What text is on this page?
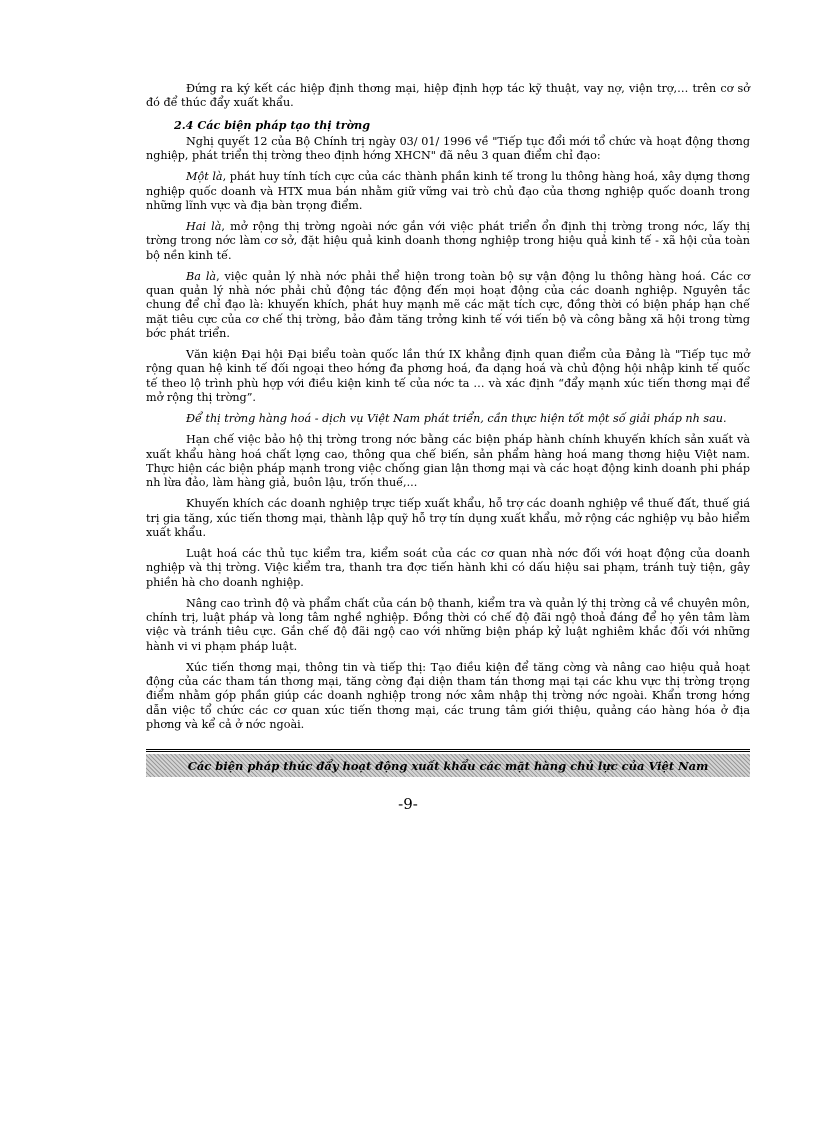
Đứng ra ký kết các hiệp định thơng mại, hiệp định hợp tác kỹ thuật, vay nợ, viện trợ,… trên cơ sở đó để thúc đẩy xuất khẩu.

2.4 Các biện pháp tạo thị trờng

Nghị quyết 12 của Bộ Chính trị ngày 03/ 01/ 1996 về "Tiếp tục đổi mới tổ chức và hoạt động thơng nghiệp, phát triển thị trờng theo định hớng XHCN" đã nêu 3 quan điểm chỉ đạo:

Một là, phát huy tính tích cực của các thành phần kinh tế trong lu thông hàng hoá, xây dựng thơng nghiệp quốc doanh và HTX mua bán nhằm giữ vững vai trò chủ đạo của thơng nghiệp quốc doanh trong những lĩnh vực và địa bàn trọng điểm.

Hai là, mở rộng thị trờng ngoài nớc gắn với việc phát triển ổn định thị trờng trong nớc, lấy thị trờng trong nớc làm cơ sở, đặt hiệu quả kinh doanh thơng nghiệp trong hiệu quả kinh tế - xã hội của toàn bộ nền kinh tế.

Ba là, việc quản lý nhà nớc phải thể hiện trong toàn bộ sự vận động lu thông hàng hoá. Các cơ quan quản lý nhà nớc phải chủ động tác động đến mọi hoạt động của các doanh nghiệp. Nguyên tắc chung để chỉ đạo là: khuyến khích, phát huy mạnh mẽ các mặt tích cực, đồng thời có biện pháp hạn chế mặt tiêu cực của cơ chế thị trờng, bảo đảm tăng trởng kinh tế với tiến bộ và công bằng xã hội trong từng bớc phát triển.

Văn kiện Đại hội Đại biểu toàn quốc lần thứ IX khẳng định quan điểm của Đảng là "Tiếp tục mở rộng quan hệ kinh tế đối ngoại theo hớng đa phơng hoá, đa dạng hoá và chủ động hội nhập kinh tế quốc tế theo lộ trình phù hợp với điều kiện kinh tế của nớc ta … và xác định “đẩy mạnh xúc tiến thơng mại để mở rộng thị trờng”.

Để thị trờng hàng hoá - dịch vụ Việt Nam phát triển, cần thực hiện tốt một số giải pháp nh sau.

Hạn chế việc bảo hộ thị trờng trong nớc bằng các biện pháp hành chính khuyến khích sản xuất và xuất khẩu hàng hoá chất lợng cao, thông qua chế biến, sản phẩm hàng hoá mang thơng hiệu Việt nam. Thực hiện các biện pháp mạnh trong việc chống gian lận thơng mại và các hoạt động kinh doanh phi pháp nh lừa đảo, làm hàng giả, buôn lậu, trốn thuế,...

Khuyến khích các doanh nghiệp trực tiếp xuất khẩu, hỗ trợ các doanh nghiệp về thuế đất, thuế giá trị gia tăng, xúc tiến thơng mại, thành lập quỹ hỗ trợ tín dụng xuất khẩu, mở rộng các nghiệp vụ bảo hiểm xuất khẩu.

Luật hoá các thủ tục kiểm tra, kiểm soát của các cơ quan nhà nớc đối với hoạt động của doanh nghiệp và thị trờng. Việc kiểm tra, thanh tra đợc tiến hành khi có dấu hiệu sai phạm, tránh tuỳ tiện, gây phiền hà cho doanh nghiệp.

Nâng cao trình độ và phẩm chất của cán bộ thanh, kiểm tra và quản lý thị trờng cả về chuyên môn, chính trị, luật pháp và long tâm nghề nghiệp. Đồng thời có chế độ đãi ngộ thoả đáng để họ yên tâm làm việc và tránh tiêu cực. Gắn chế độ đãi ngộ cao với những biện pháp kỷ luật nghiêm khắc đối với những hành vi vi phạm pháp luật.

Xúc tiến thơng mại, thông tin và tiếp thị: Tạo điều kiện để tăng cờng và nâng cao hiệu quả hoạt động của các tham tán thơng mại, tăng cờng đại diện tham tán thơng mại tại các khu vực thị trờng trọng điểm nhằm góp phần giúp các doanh nghiệp trong nớc xâm nhập thị trờng nớc ngoài. Khẩn trơng hớng dẫn việc tổ chức các cơ quan xúc tiến thơng mại, các trung tâm giới thiệu, quảng cáo hàng hóa ở địa phơng và kể cả ở nớc ngoài.

Các biện pháp thúc đẩy hoạt động xuất khẩu các mặt hàng chủ lực của Việt Nam
-9-
